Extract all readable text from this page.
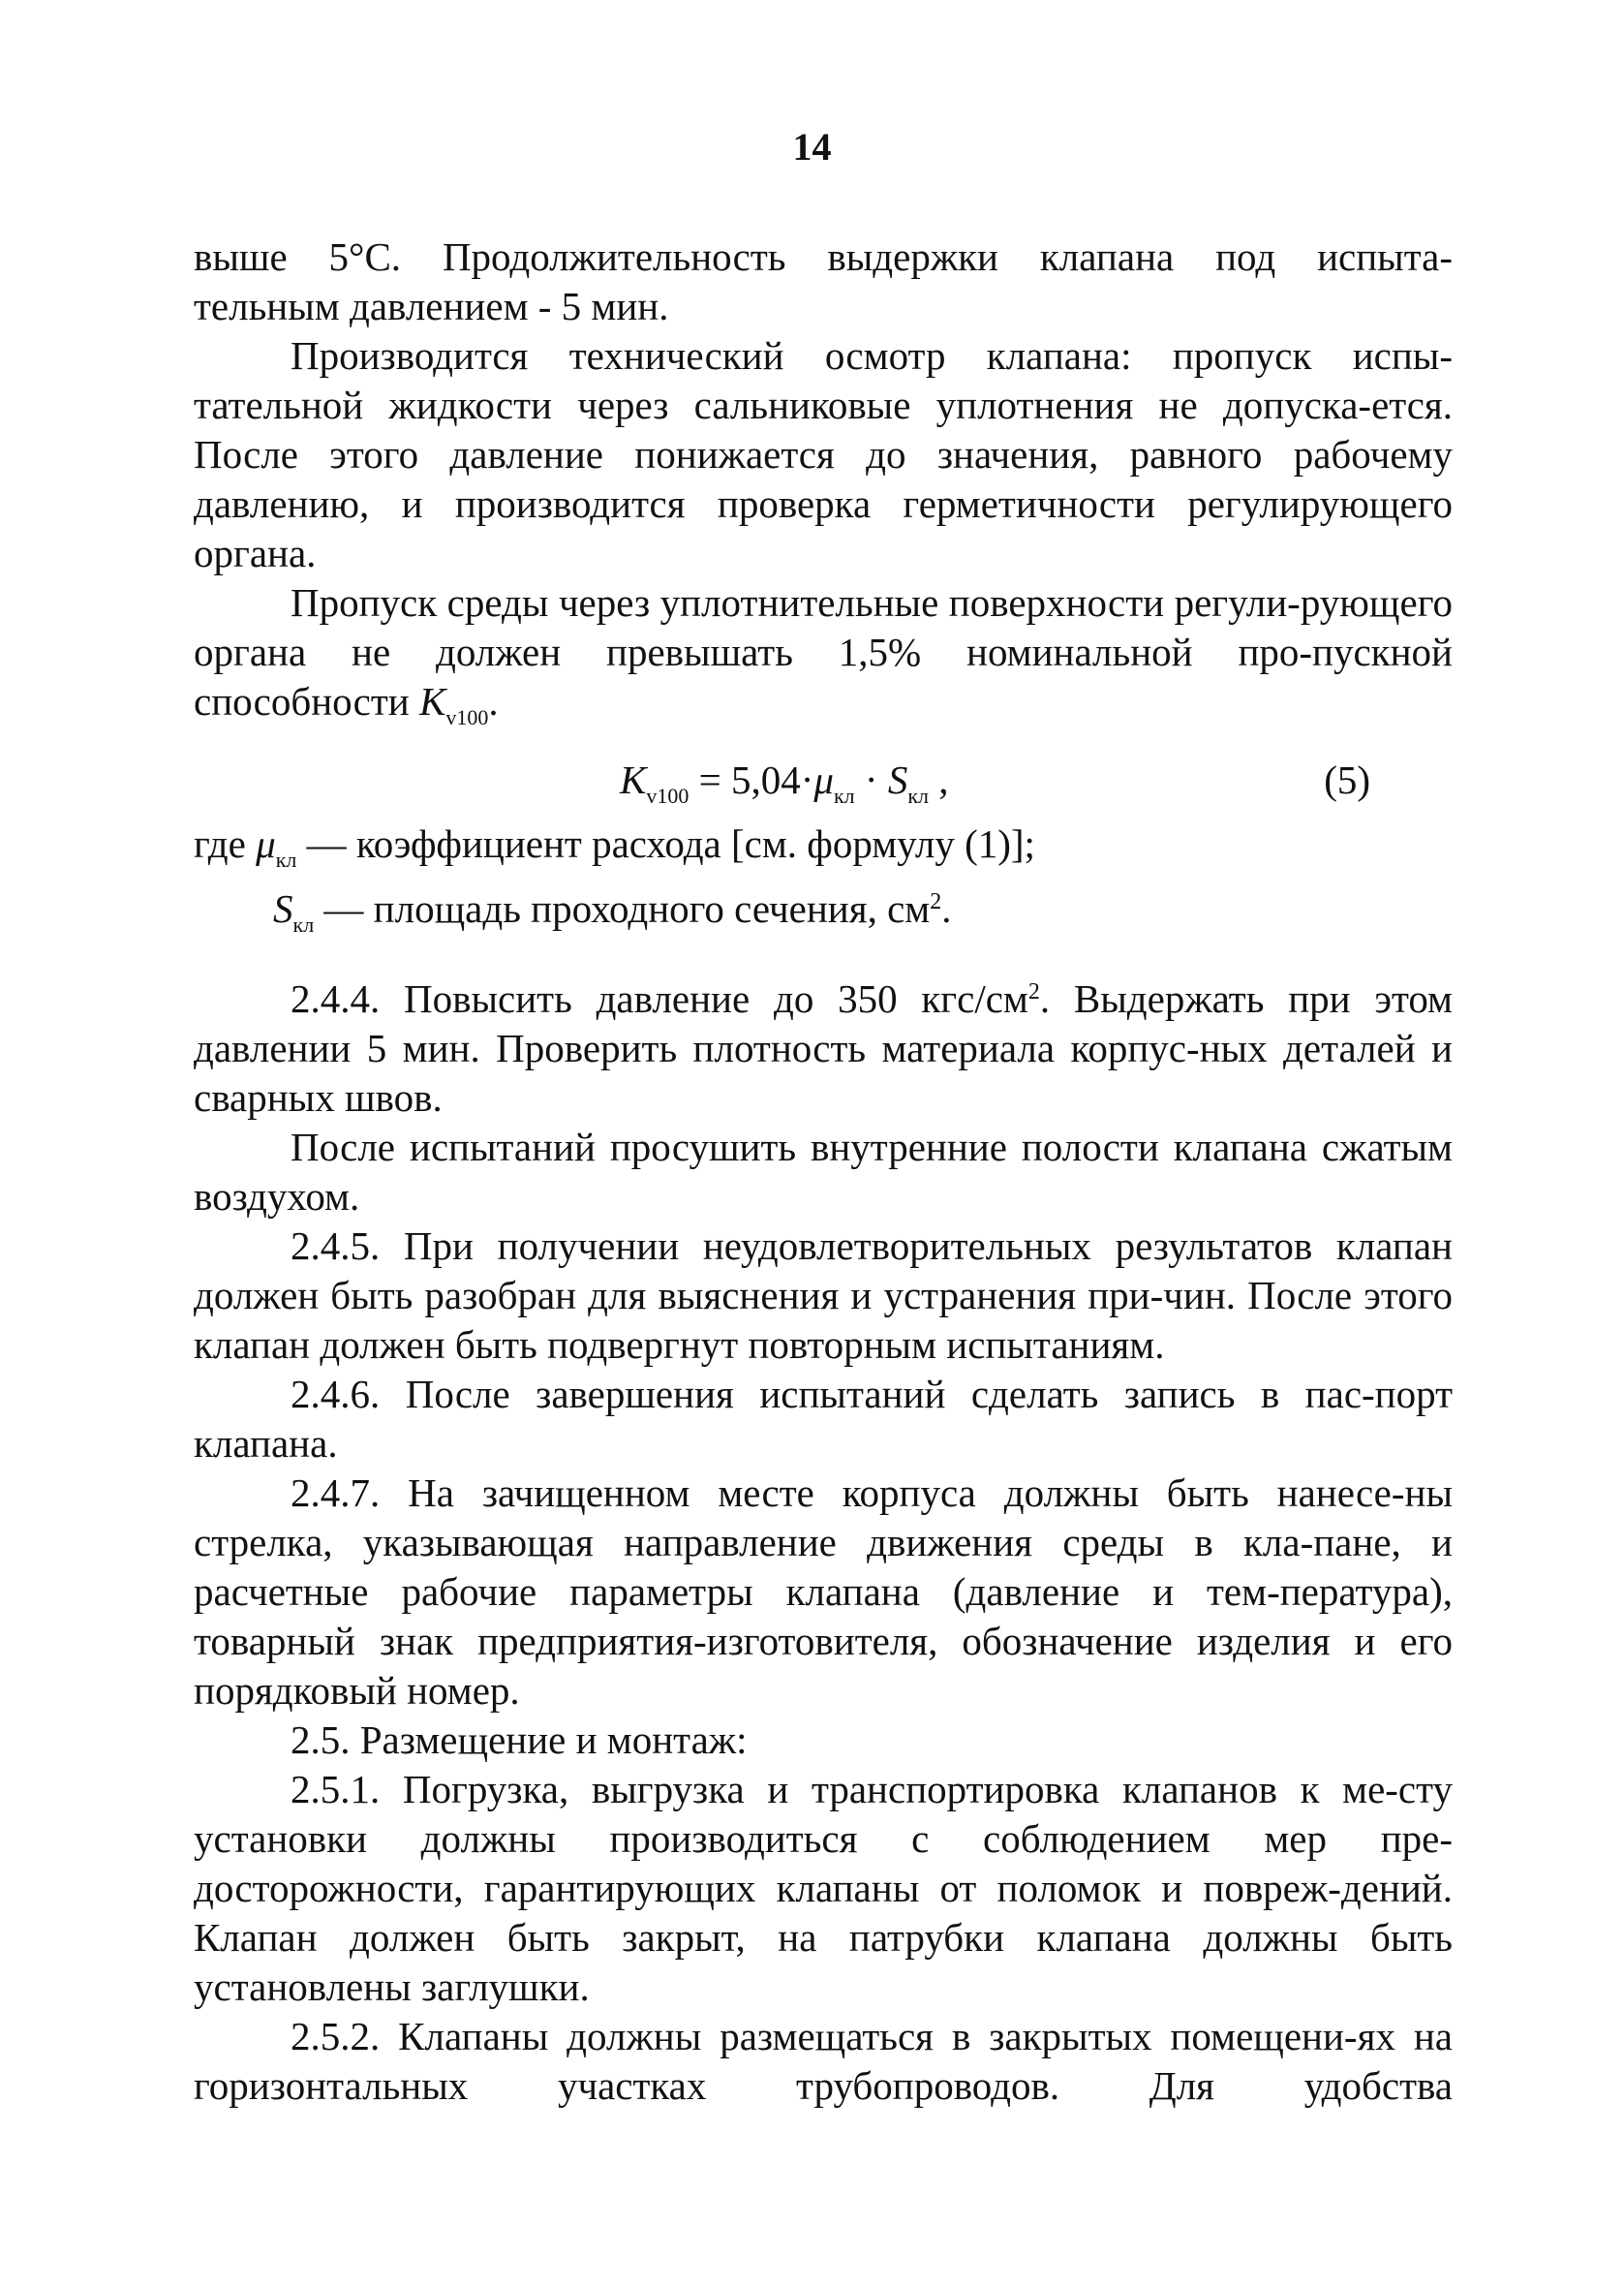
14

выше 5°С. Продолжительность выдержки клапана под испыта-

тельным давлением - 5 мин.

Производится технический осмотр клапана: пропуск испы-тательной жидкости через сальниковые уплотнения не допуска-ется. После этого давление понижается до значения, равного рабочему давлению, и производится проверка герметичности регулирующего органа.

Пропуск среды через уплотнительные поверхности регули-рующего органа не должен превышать 1,5% номинальной про-пускной способности $K_{v100}$.

$K_{v100} = 5,04\cdot\mu_{кл} \cdot S_{кл}$ ,	(5)

где $\mu_{кл}$ — коэффициент расхода [см. формулу (1)];

$S_{кл}$ — площадь проходного сечения, $см^2$.

2.4.4. Повысить давление до 350 кгс/$см^2$. Выдержать при этом давлении 5 мин. Проверить плотность материала корпус-ных деталей и сварных швов.

После испытаний просушить внутренние полости клапана сжатым воздухом.

2.4.5. При получении неудовлетворительных результатов клапан должен быть разобран для выяснения и устранения при-чин. После этого клапан должен быть подвергнут повторным испытаниям.

2.4.6. После завершения испытаний сделать запись в пас-порт клапана.

2.4.7. На зачищенном месте корпуса должны быть нанесе-ны стрелка, указывающая направление движения среды в кла-пане, и расчетные рабочие параметры клапана (давление и тем-пература), товарный знак предприятия-изготовителя, обозначение изделия и его порядковый номер.

2.5. Размещение и монтаж:

2.5.1. Погрузка, выгрузка и транспортировка клапанов к ме-сту установки должны производиться с соблюдением мер пре-досторожности, гарантирующих клапаны от поломок и повреж-дений. Клапан должен быть закрыт, на патрубки клапана должны быть установлены заглушки.

2.5.2. Клапаны должны размещаться в закрытых помещени-ях на горизонтальных участках трубопроводов. Для удобства
